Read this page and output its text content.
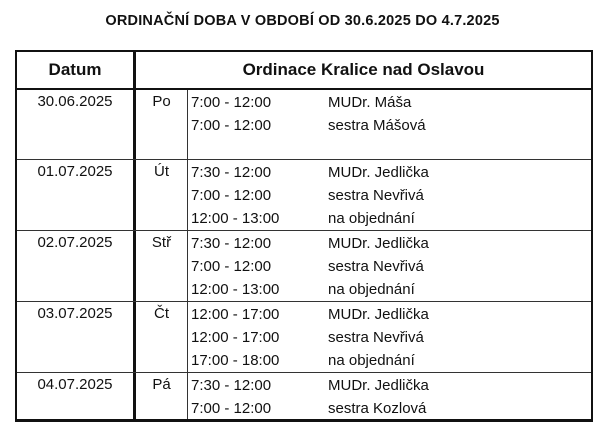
ORDINAČNÍ DOBA V OBDOBÍ OD 30.6.2025 DO 4.7.2025
Datum	Ordinace Kralice nad Oslavou
30.06.2025	Po	7:00 - 12:00	MUDr. Máša
7:00 - 12:00	sestra Mášová
01.07.2025	Út	7:30 - 12:00	MUDr. Jedlička
7:00 - 12:00	sestra Nevřivá
12:00 - 13:00	na objednání
02.07.2025	Stř	7:30 - 12:00	MUDr. Jedlička
7:00 - 12:00	sestra Nevřivá
12:00 - 13:00	na objednání
03.07.2025	Čt	12:00 - 17:00	MUDr. Jedlička
12:00 - 17:00	sestra Nevřivá
17:00 - 18:00	na objednání
04.07.2025	Pá	7:30 - 12:00	MUDr. Jedlička
7:00 - 12:00	sestra Kozlová
